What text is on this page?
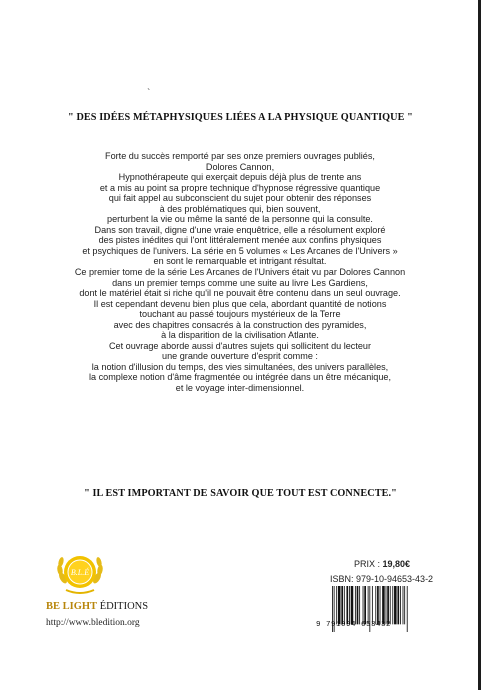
`
" DES IDÉES MÉTAPHYSIQUES LIÉES A LA PHYSIQUE QUANTIQUE "
Forte du succès remporté par ses onze premiers ouvrages publiés,
Dolores Cannon,
Hypnothérapeute qui exerçait depuis déjà plus de trente ans
et a mis au point sa propre technique d'hypnose régressive quantique
qui fait appel au subconscient du sujet pour obtenir des réponses
à des problématiques qui, bien souvent,
perturbent la vie ou même la santé de la personne qui la consulte.
Dans son travail, digne d'une vraie enquêtrice, elle a résolument exploré
des pistes inédites qui l'ont littéralement menée aux confins physiques
et psychiques de l'univers. La série en 5 volumes « Les Arcanes de l'Univers »
en sont le remarquable et intrigant résultat.
Ce premier tome de la série Les Arcanes de l'Univers était vu par Dolores Cannon
dans un premier temps comme une suite au livre Les Gardiens,
dont le matériel était si riche qu'il ne pouvait être contenu dans un seul ouvrage.
Il est cependant devenu bien plus que cela, abordant quantité de notions
touchant au passé toujours mystérieux de la Terre
avec des chapitres consacrés à la construction des pyramides,
à la disparition de la civilisation Atlante.
Cet ouvrage aborde aussi d'autres sujets qui sollicitent du lecteur
une grande ouverture d'esprit comme :
la notion d'illusion du temps, des vies simultanées, des univers parallèles,
la complexe notion d'âme fragmentée ou intégrée dans un être mécanique,
et le voyage inter-dimensionnel.
" IL EST IMPORTANT DE SAVOIR QUE TOUT EST CONNECTE."
B.L.É
BE LIGHT ÉDITIONS
http://www.bledition.org
PRIX : 19,80€
ISBN: 979-10-94653-43-2
9 791094 653432
